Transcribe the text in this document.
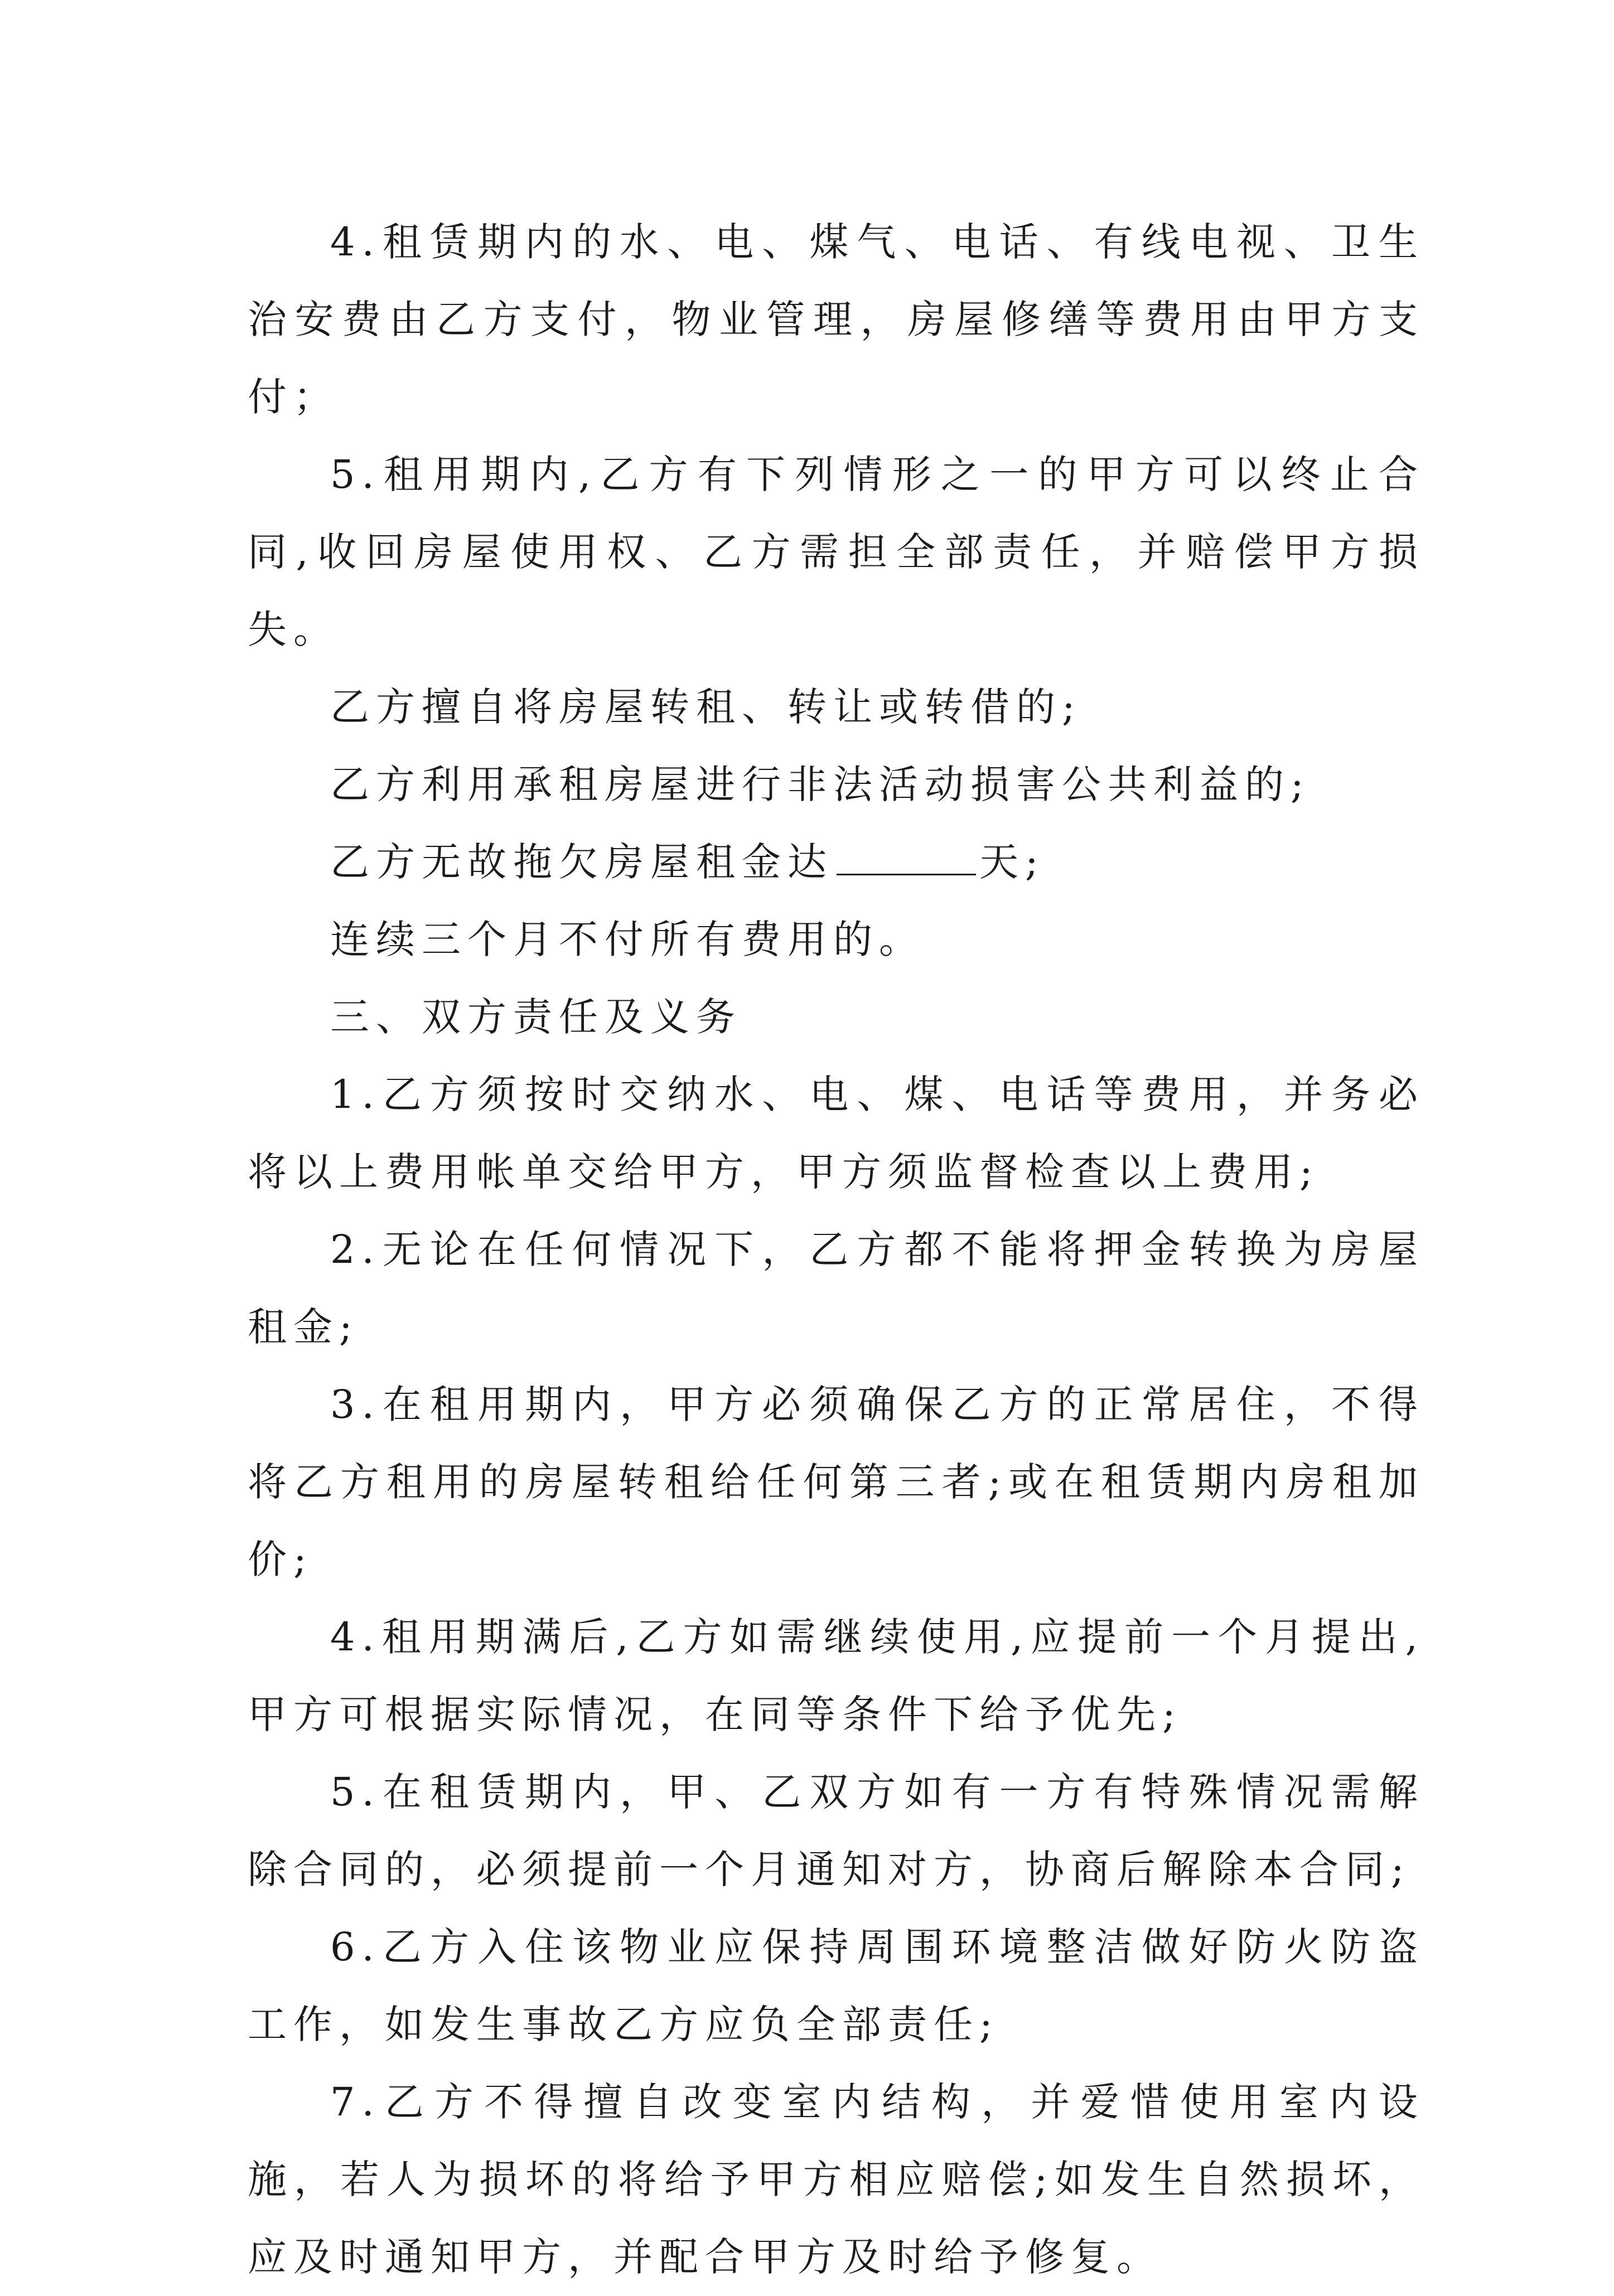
4.租赁期内的水、电、煤气、电话、有线电视、卫生治安费由乙方支付，物业管理，房屋修缮等费用由甲方支付；

5.租用期内,乙方有下列情形之一的甲方可以终止合同,收回房屋使用权、乙方需担全部责任，并赔偿甲方损失。

乙方擅自将房屋转租、转让或转借的;

乙方利用承租房屋进行非法活动损害公共利益的;

乙方无故拖欠房屋租金达	天;

连续三个月不付所有费用的。

三、双方责任及义务

1.乙方须按时交纳水、电、煤、电话等费用，并务必将以上费用帐单交给甲方，甲方须监督检查以上费用;

2.无论在任何情况下，乙方都不能将押金转换为房屋租金;

3.在租用期内，甲方必须确保乙方的正常居住，不得将乙方租用的房屋转租给任何第三者;或在租赁期内房租加价;

4.租用期满后,乙方如需继续使用,应提前一个月提出,甲方可根据实际情况，在同等条件下给予优先;

5.在租赁期内，甲、乙双方如有一方有特殊情况需解除合同的，必须提前一个月通知对方，协商后解除本合同;

6.乙方入住该物业应保持周围环境整洁做好防火防盗工作，如发生事故乙方应负全部责任;

7.乙方不得擅自改变室内结构，并爱惜使用室内设施，若人为损坏的将给予甲方相应赔偿;如发生自然损坏，应及时通知甲方，并配合甲方及时给予修复。
